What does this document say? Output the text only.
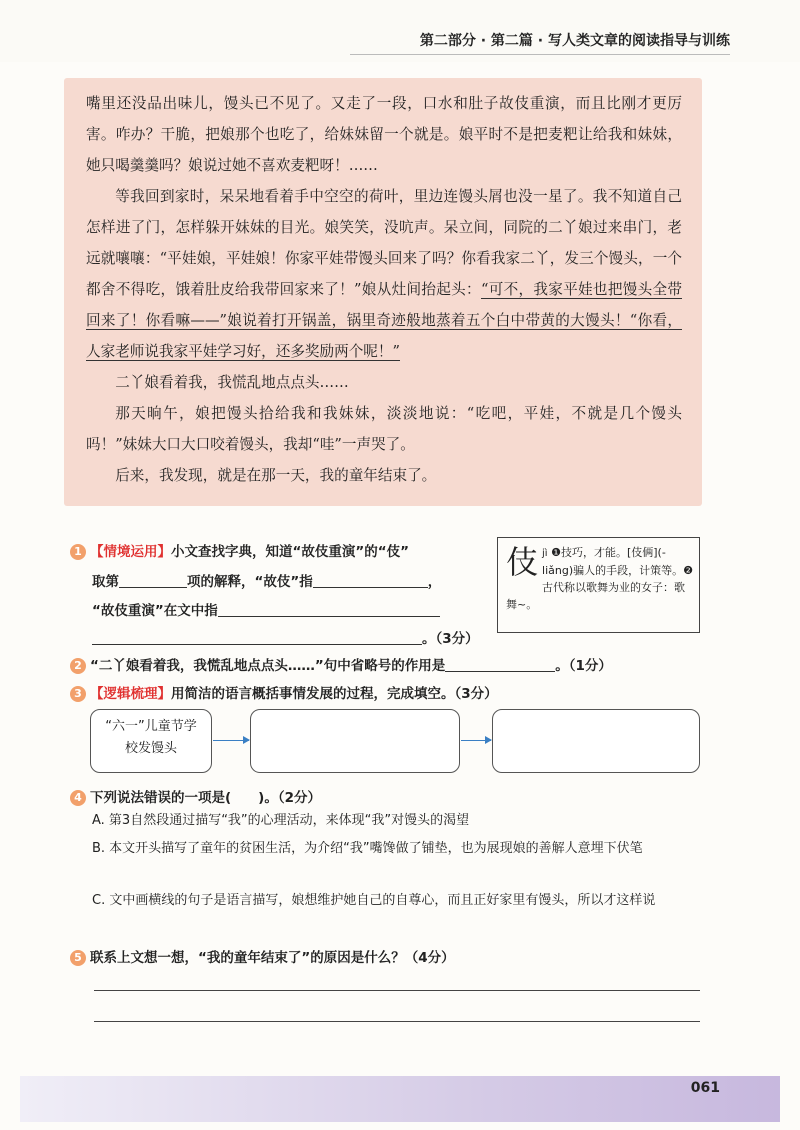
第二部分 · 第二篇 · 写人类文章的阅读指导与训练

嘴里还没品出味儿，馒头已不见了。又走了一段，口水和肚子故伎重演，而且比刚才更厉害。咋办？干脆，把娘那个也吃了，给妹妹留一个就是。娘平时不是把麦粑让给我和妹妹，她只喝羹羹吗？娘说过她不喜欢麦粑呀！……

等我回到家时，呆呆地看着手中空空的荷叶，里边连馒头屑也没一星了。我不知道自己怎样进了门，怎样躲开妹妹的目光。娘笑笑，没吭声。呆立间，同院的二丫娘过来串门，老远就嚷嚷：“平娃娘，平娃娘！你家平娃带馒头回来了吗？你看我家二丫，发三个馒头，一个都舍不得吃，饿着肚皮给我带回家来了！”娘从灶间抬起头：“可不，我家平娃也把馒头全带回来了！你看嘛——”娘说着打开锅盖，锅里奇迹般地蒸着五个白中带黄的大馒头！“你看，人家老师说我家平娃学习好，还多奖励两个呢！”

二丫娘看着我，我慌乱地点点头……

那天晌午，娘把馒头拾给我和我妹妹，淡淡地说：“吃吧，平娃，不就是几个馒头吗！”妹妹大口大口咬着馒头，我却“哇”一声哭了。

后来，我发现，就是在那一天，我的童年结束了。

1 【情境运用】小文查找字典，知道“故伎重演”的“伎”
取第	项的解释，“故伎”指	，
“故伎重演”在文中指
。（3分）
伎 jì ❶技巧，才能。[伎俩](-liǎng)骗人的手段，计策等。❷古代称以歌舞为业的女子：歌舞~。
2 “二丫娘看着我，我慌乱地点点头……”句中省略号的作用是	。（1分）
3 【逻辑梳理】用简洁的语言概括事情发展的过程，完成填空。（3分）
“六一”儿童节学校发馒头
4 下列说法错误的一项是(　　)。（2分）
A. 第3自然段通过描写“我”的心理活动，来体现“我”对馒头的渴望
B. 本文开头描写了童年的贫困生活，为介绍“我”嘴馋做了铺垫，也为展现娘的善解人意埋下伏笔
C. 文中画横线的句子是语言描写，娘想维护她自己的自尊心，而且正好家里有馒头，所以才这样说
5 联系上文想一想，“我的童年结束了”的原因是什么？（4分）
061
